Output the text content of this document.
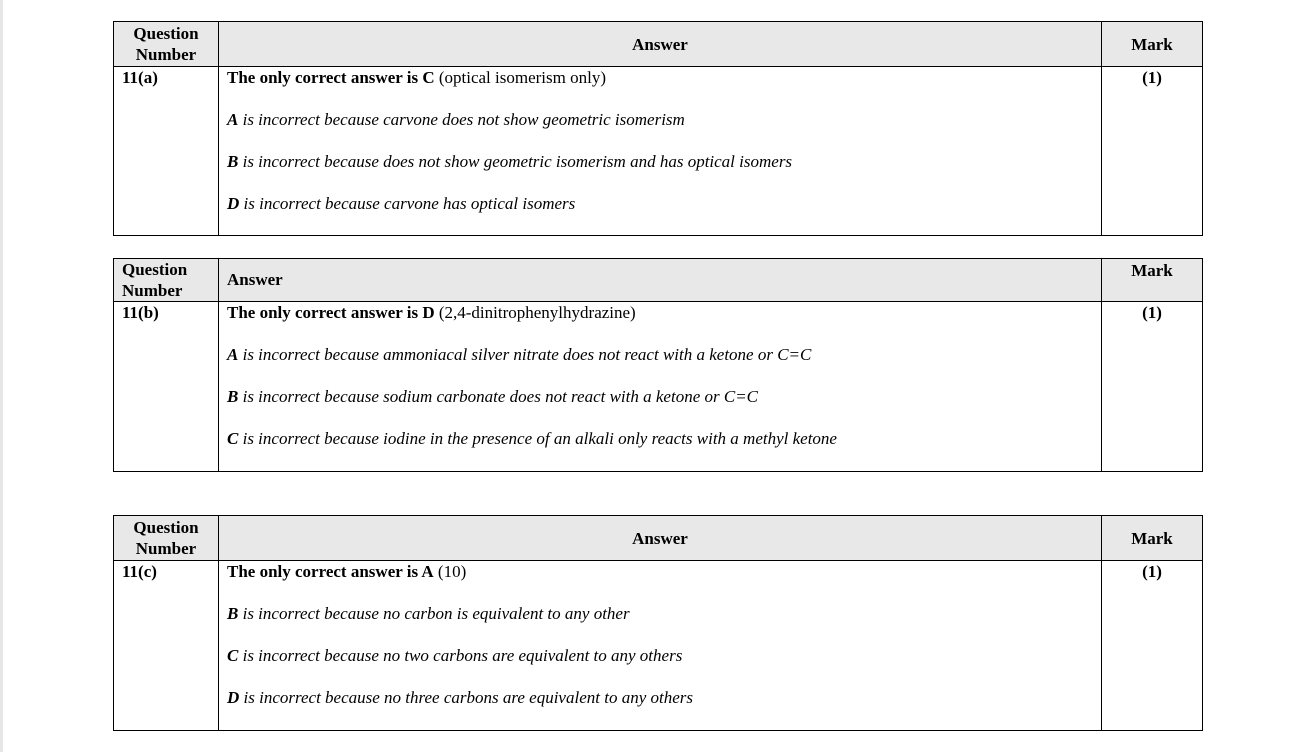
Question
Number	Answer	Mark
11(a)	The only correct answer is C (optical isomerism only)
A is incorrect because carvone does not show geometric isomerism
B is incorrect because does not show geometric isomerism and has optical isomers
D is incorrect because carvone has optical isomers	(1)
Question
Number	Answer	Mark
11(b)	The only correct answer is D (2,4-dinitrophenylhydrazine)
A is incorrect because ammoniacal silver nitrate does not react with a ketone or C=C
B is incorrect because sodium carbonate does not react with a ketone or C=C
C is incorrect because iodine in the presence of an alkali only reacts with a methyl ketone	(1)
Question
Number	Answer	Mark
11(c)	The only correct answer is A (10)
B is incorrect because no carbon is equivalent to any other
C is incorrect because no two carbons are equivalent to any others
D is incorrect because no three carbons are equivalent to any others	(1)
